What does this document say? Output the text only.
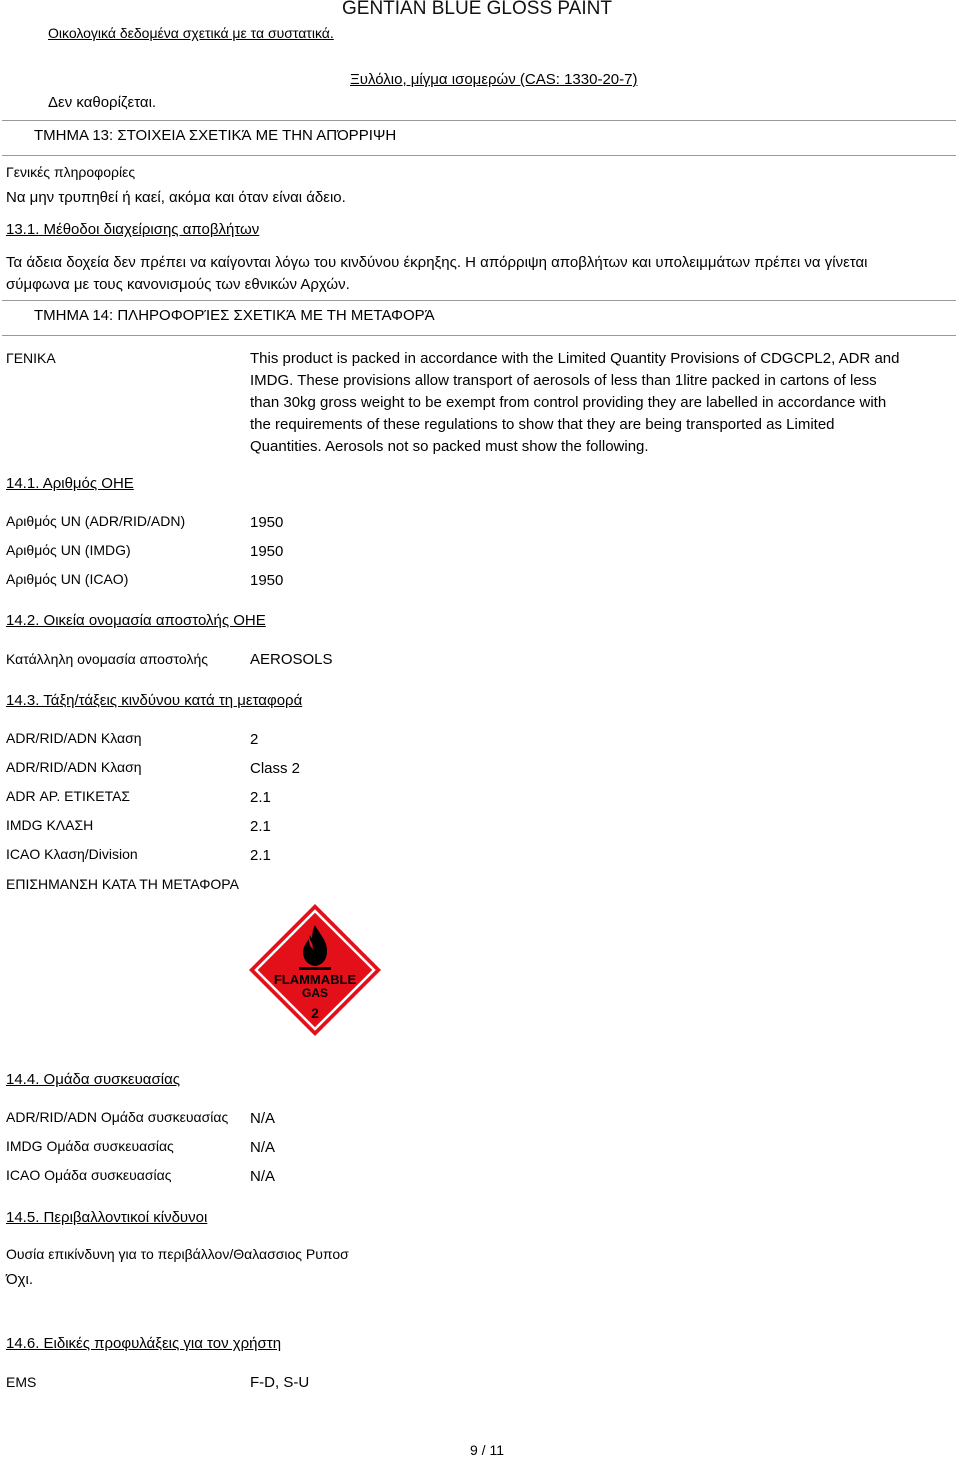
GENTIAN BLUE GLOSS PAINT
Οικολογικά δεδομένα σχετικά με τα συστατικά.
Ξυλόλιο, μίγμα ισομερών (CAS: 1330-20-7)
Δεν καθορίζεται.
ΤΜΗΜΑ 13: ΣΤΟΙΧΕΙΑ ΣΧΕΤΙΚΆ ΜΕ ΤΗΝ ΑΠΌΡΡΙΨΗ
Γενικές πληροφορίες
Να μην τρυπηθεί ή καεί, ακόμα και όταν είναι άδειο.
13.1. Μέθοδοι διαχείρισης αποβλήτων
Τα άδεια δοχεία δεν πρέπει να καίγονται λόγω του κινδύνου έκρηξης. Η απόρριψη αποβλήτων και υπολειμμάτων πρέπει να γίνεται σύμφωνα με τους κανονισμούς των εθνικών Αρχών.
ΤΜΗΜΑ 14: ΠΛΗΡΟΦΟΡΊΕΣ ΣΧΕΤΙΚΆ ΜΕ ΤΗ ΜΕΤΑΦΟΡΆ
ΓΕΝΙΚΑ	This product is packed in accordance with the Limited Quantity Provisions of CDGCPL2, ADR and IMDG. These provisions allow transport of aerosols of less than 1litre packed in cartons of less than 30kg gross weight to be exempt from control providing they are labelled in accordance with the requirements of these regulations to show that they are being transported as Limited Quantities. Aerosols not so packed must show the following.
14.1. Αριθμός ΟΗΕ
Αριθμός UN (ADR/RID/ADN)	1950
Αριθμός UN (IMDG)	1950
Αριθμός UN (ICAO)	1950
14.2. Οικεία ονομασία αποστολής ΟΗΕ
Κατάλληλη ονομασία αποστολής	AEROSOLS
14.3. Τάξη/τάξεις κινδύνου κατά τη μεταφορά
ADR/RID/ADN Κλαση	2
ADR/RID/ADN Κλαση	Class 2
ADR ΑΡ. ΕΤΙΚΕΤΑΣ	2.1
IMDG ΚΛΑΣΗ	2.1
ICAO Κλαση/Division	2.1
ΕΠΙΣΗΜΑΝΣΗ ΚΑΤΑ ΤΗ ΜΕΤΑΦΟΡΑ
FLAMMABLE
GAS
2
14.4. Ομάδα συσκευασίας
ADR/RID/ADN Ομάδα συσκευασίας N/A
IMDG Ομάδα συσκευασίας	N/A
ICAO Ομάδα συσκευασίας	N/A
14.5. Περιβαλλοντικοί κίνδυνοι
Ουσία επικίνδυνη για το περιβάλλον/Θαλασσιος Ρυποσ
Όχι.
14.6. Ειδικές προφυλάξεις για τον χρήστη
EMS	F-D, S-U
9 / 11
